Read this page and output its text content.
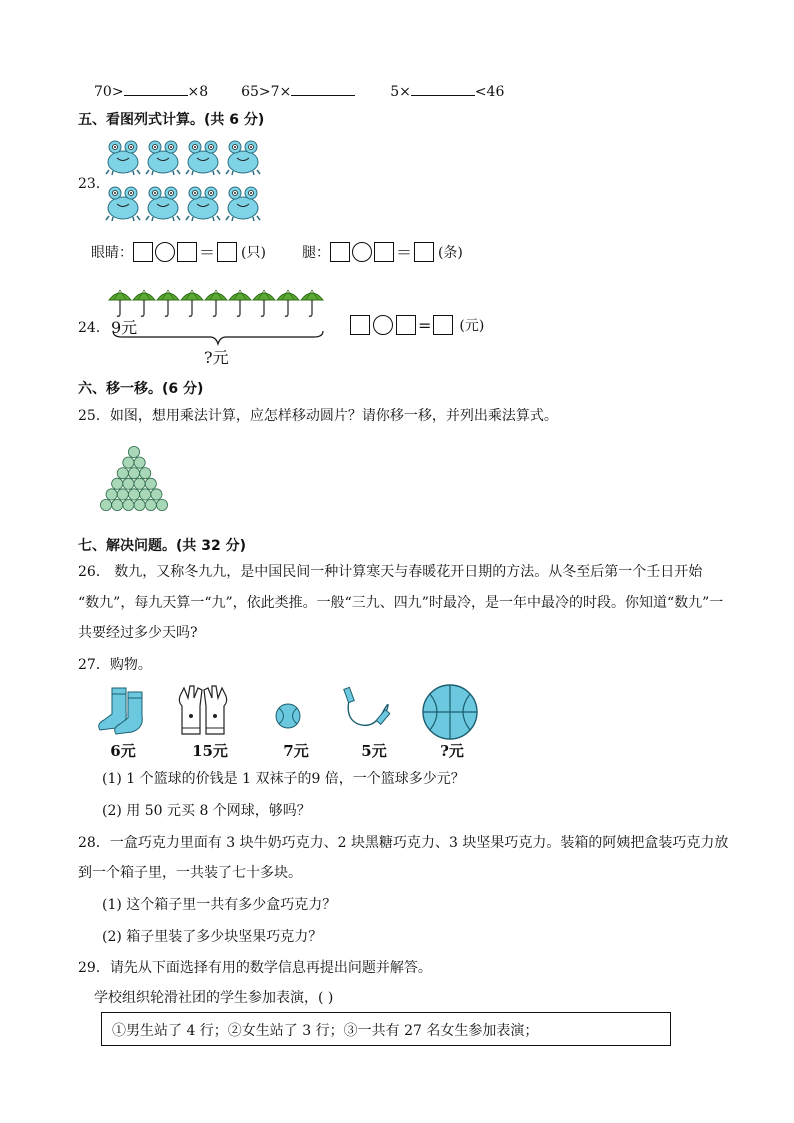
70>	×8 65>7×	5×	<46
五、看图列式计算。(共 6 分)
23．
眼睛：	＝ (只)	腿：	＝ (条)
24． 9元
?元
= (元)
六、移一移。(6 分)
25．如图，想用乘法计算，应怎样移动圆片？请你移一移，并列出乘法算式。
七、解决问题。(共 32 分)
26． 数九，又称冬九九，是中国民间一种计算寒天与春暖花开日期的方法。从冬至后第一个壬日开始
“数九”，每九天算一“九”，依此类推。一般“三九、四九”时最冷，是一年中最冷的时段。你知道“数九”一
共要经过多少天吗?
27．购物。
6元	15元	7元	5元	?元
(1) 1 个篮球的价钱是 1 双袜子的9 倍，一个篮球多少元？
(2) 用 50 元买 8 个网球，够吗？
28．一盒巧克力里面有 3 块牛奶巧克力、2 块黑糖巧克力、3 块坚果巧克力。装箱的阿姨把盒装巧克力放
到一个箱子里，一共装了七十多块。
(1) 这个箱子里一共有多少盒巧克力？
(2) 箱子里装了多少块坚果巧克力？
29．请先从下面选择有用的数学信息再提出问题并解答。
学校组织轮滑社团的学生参加表演，( )
①男生站了 4 行；②女生站了 3 行；③一共有 27 名女生参加表演；
